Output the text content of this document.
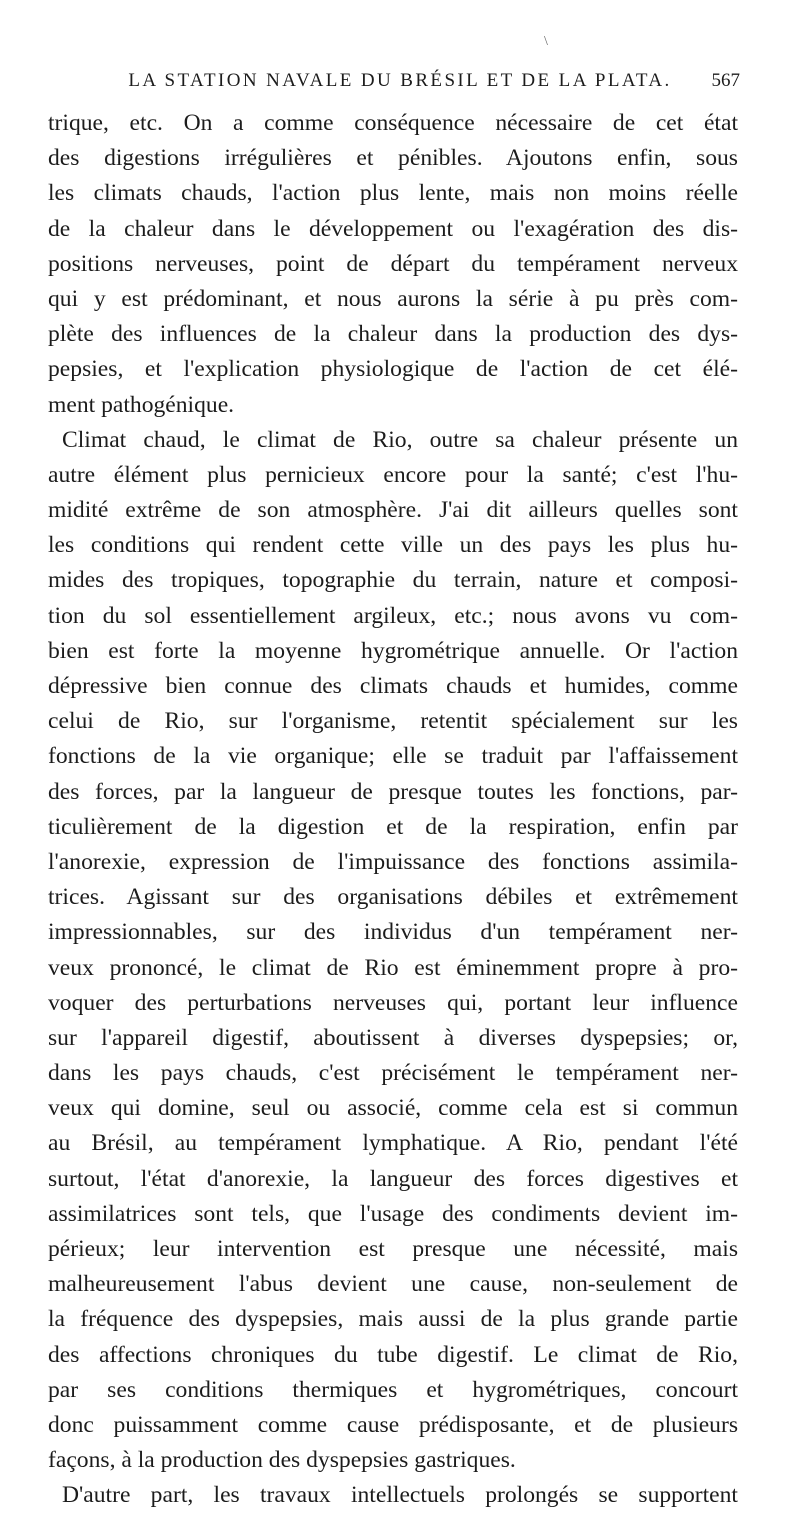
\
LA STATION NAVALE DU BRÉSIL ET DE LA PLATA.	567
trique, etc. On a comme conséquence nécessaire de cet état
des digestions irrégulières et pénibles. Ajoutons enfin, sous
les climats chauds, l'action plus lente, mais non moins réelle
de la chaleur dans le développement ou l'exagération des dis-
positions nerveuses, point de départ du tempérament nerveux
qui y est prédominant, et nous aurons la série à pu près com-
plète des influences de la chaleur dans la production des dys-
pepsies, et l'explication physiologique de l'action de cet élé-
ment pathogénique.
Climat chaud, le climat de Rio, outre sa chaleur présente un
autre élément plus pernicieux encore pour la santé; c'est l'hu-
midité extrême de son atmosphère. J'ai dit ailleurs quelles sont
les conditions qui rendent cette ville un des pays les plus hu-
mides des tropiques, topographie du terrain, nature et composi-
tion du sol essentiellement argileux, etc.; nous avons vu com-
bien est forte la moyenne hygrométrique annuelle. Or l'action
dépressive bien connue des climats chauds et humides, comme
celui de Rio, sur l'organisme, retentit spécialement sur les
fonctions de la vie organique; elle se traduit par l'affaissement
des forces, par la langueur de presque toutes les fonctions, par-
ticulièrement de la digestion et de la respiration, enfin par
l'anorexie, expression de l'impuissance des fonctions assimila-
trices. Agissant sur des organisations débiles et extrêmement
impressionnables, sur des individus d'un tempérament ner-
veux prononcé, le climat de Rio est éminemment propre à pro-
voquer des perturbations nerveuses qui, portant leur influence
sur l'appareil digestif, aboutissent à diverses dyspepsies; or,
dans les pays chauds, c'est précisément le tempérament ner-
veux qui domine, seul ou associé, comme cela est si commun
au Brésil, au tempérament lymphatique. A Rio, pendant l'été
surtout, l'état d'anorexie, la langueur des forces digestives et
assimilatrices sont tels, que l'usage des condiments devient im-
périeux; leur intervention est presque une nécessité, mais
malheureusement l'abus devient une cause, non-seulement de
la fréquence des dyspepsies, mais aussi de la plus grande partie
des affections chroniques du tube digestif. Le climat de Rio,
par ses conditions thermiques et hygrométriques, concourt
donc puissamment comme cause prédisposante, et de plusieurs
façons, à la production des dyspepsies gastriques.
D'autre part, les travaux intellectuels prolongés se supportent
